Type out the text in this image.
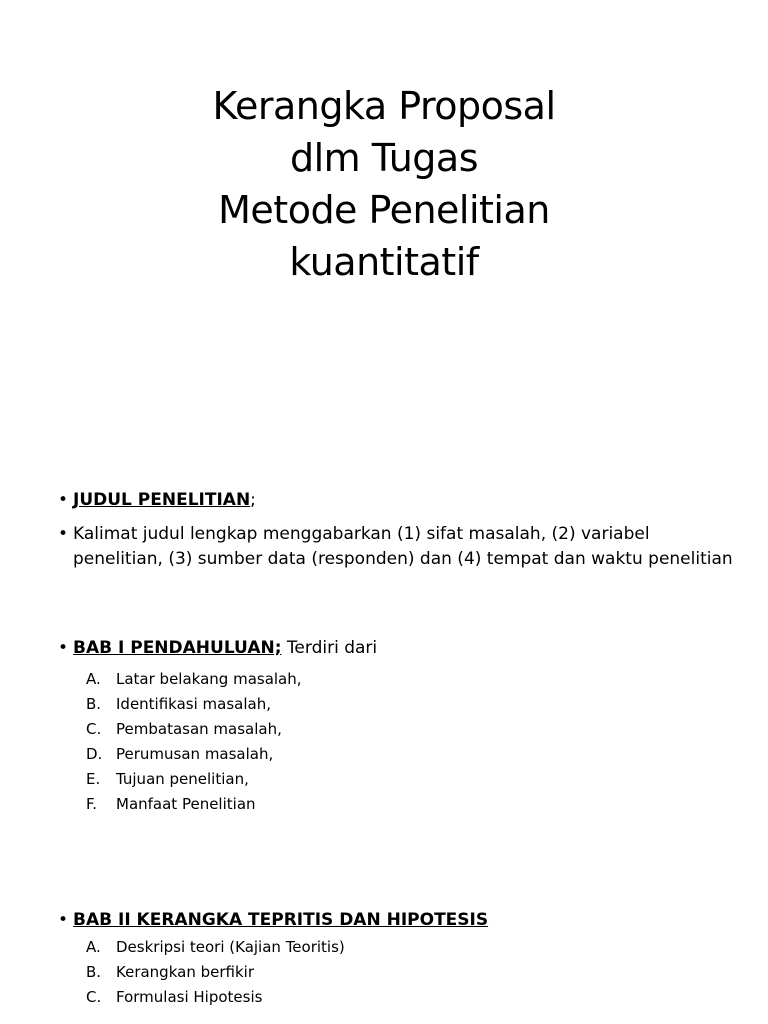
Kerangka Proposal
dlm Tugas
Metode Penelitian
kuantitatif
• JUDUL PENELITIAN;
• Kalimat judul lengkap menggabarkan (1) sifat masalah, (2) variabel penelitian, (3) sumber data (responden) dan (4) tempat dan waktu penelitian
• BAB I PENDAHULUAN; Terdiri dari
A.	Latar belakang masalah,
B. Identifikasi masalah,
C. Pembatasan masalah,
D. Perumusan masalah,
E.	Tujuan penelitian,
F.	Manfaat Penelitian
• BAB II KERANGKA TEPRITIS DAN HIPOTESIS
A.	Deskripsi teori (Kajian Teoritis)
B. Kerangkan berfikir
C. Formulasi Hipotesis
